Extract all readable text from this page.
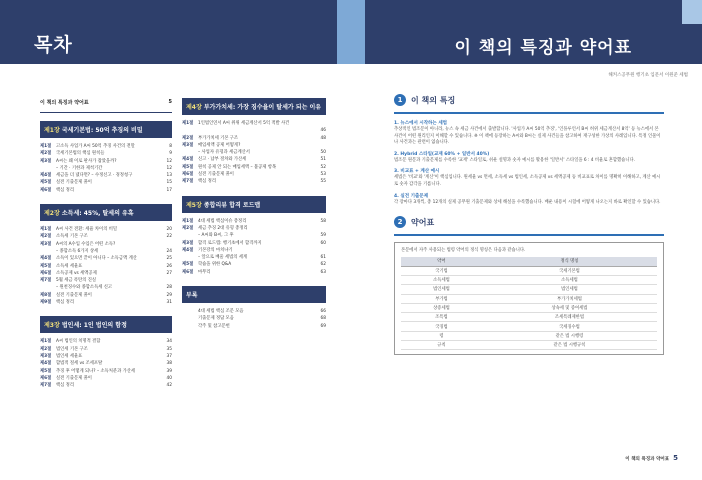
목차	이 책의 특징과 약어표
해커스공무원 행기초 입문서 이원준 세법
이 책의 특징과 약어표	5
제1장
국세기본법: 50억 추징의 비밀
제1절	고소득 사업가 A씨 50억 추징 사건의 전말	8
제2절	국세기본법의 핵심 원칙들	9
제3절	A씨는 왜 이로 판사가 잡았을까?	12
– 기간 · 기한과 제척기간	12
제4절	세금을 더 냈다면? – 수정신고 · 경정청구	13
제5절	실전 기출문제 풀이	15
제6절	핵심 정리	17
제2장
소득세: 45%, 탈세의 유혹
제1절	A씨 사건 전환: 세율 차이의 비밀	20
제2절	소득세 기본 구조	22
제3절	A씨의 A수입 수입은 어떤 소득?
– 종합소득 6가지 상세	24
제4절	소득이 있으면 끝이 아니다 – 소득금액 계산	25
제5절	소득세 세율표	26
제6절	소득공제 vs 세액공제	27
제7절	5월 세금 폭탄의 진실
– 원천징수와 종합소득세 신고	28
제8절	실전 기출문제 풀이	29
제9절	핵심 정리	31
제3장
법인세: 1인 법인의 함정
제1절	A씨 법인의 치명적 결함	34
제2절	법인세 기본 구조	35
제3절	법인세 세율표	37
제4절	합법적 절세 vs 조세포탈	38
제5절	추징 후 어떻게 되나? – 소득처분과 가산세	39
제6절	실전 기출문제 풀이	40
제7절	핵심 정리	42
제4장
부가가치세: 가장 징수율이 탈세가 되는 이유
제1절	1인법인연서 A씨 위위 세금계산서 5억 적발 사건
46
제2절	부가가치세 기본 구조	48
제3절	매입세액 공제 어떻게?
– 사업자 유형과 세금계산서	50
제4절	신고 · 납부 절차와 가산세	51
제5절	원칙 공제 안 되는 매입세액 – 불공제 항목	52
제6절	실전 기출문제 풀이	53
제7절	핵심 정리	55
제5장
종합리뷰 합격 로드맵
제1절	4대 세법 핵심이슈 총정리	58
제2절	세금 추징 2대 유형 총정리
– A씨와 B씨, 그 후	59
제3절	합격 로드맵: 행기초에서 합격까지	60
제4절	기본강의 마치냐기
– 앞으로 배울 세법의 세계	61
제5절	학습을 위한 Q&A	62
제6절	마무리	63
부록
4대 세법 핵심 조문 모음	66
기출문제 정답 모음	68
각주 및 참고문헌	69
1	이 책의 특징
1. 뉴스에서 시작하는 세법
추상적인 법조문이 아니라, 뉴스 속 세금 사건에서 출발합니다. '사업가 A씨 50억 추징', '인플루언서 B씨 허위 세금계산서 8억' 등 뉴스에서 본 사건이 어떤 원리인지 이해할 수 있습니다. ※ 이 책에 등장하는 A씨와 B씨는 실제 사건들을 참고하여 재구성한 가상의 사례입니다. 특정 인물이나 사건과는 관련이 없습니다.
2. Hybrid 스타일(교재 60% + 일반서 40%)
법조문 원문과 기출문제를 수록한 '교재' 스타일로, 쉬운 설명과 숫자 예시를 활용한 '일반서' 스타일을 6 : 4 비율로 혼합했습니다.
3. 비교표 + 계산 예시
세법은 '비교'와 '계산'이 핵심입니다. 원세율 vs 면세, 소득세 vs 법인세, 소득공제 vs 세액공제 등 비교표로 차이를 명확히 이해하고, 계산 예시로 숫자 감각을 기릅니다.
4. 실전 기출문제
각 장마다 3개씩, 총 12개의 실제 공무원 기출문제와 상세 해설을 수록했습니다. 배운 내용이 시험에 어떻게 나오는지 바로 확인할 수 있습니다.
2	약어표
본문에서 자주 사용되는 법령 약어의 정식 명칭은 다음과 같습니다.
약어	정식 명칭
국기법	국세기본법
소득세법	소득세법
법인세법	법인세법
부가법	부가가치세법
상증세법	상속세 및 증여세법
조특법	조세특례제한법
국징법	국세징수법
령	같은 법 시행령
규칙	같은 법 시행규칙
이 책의 특징과 약어표 5
